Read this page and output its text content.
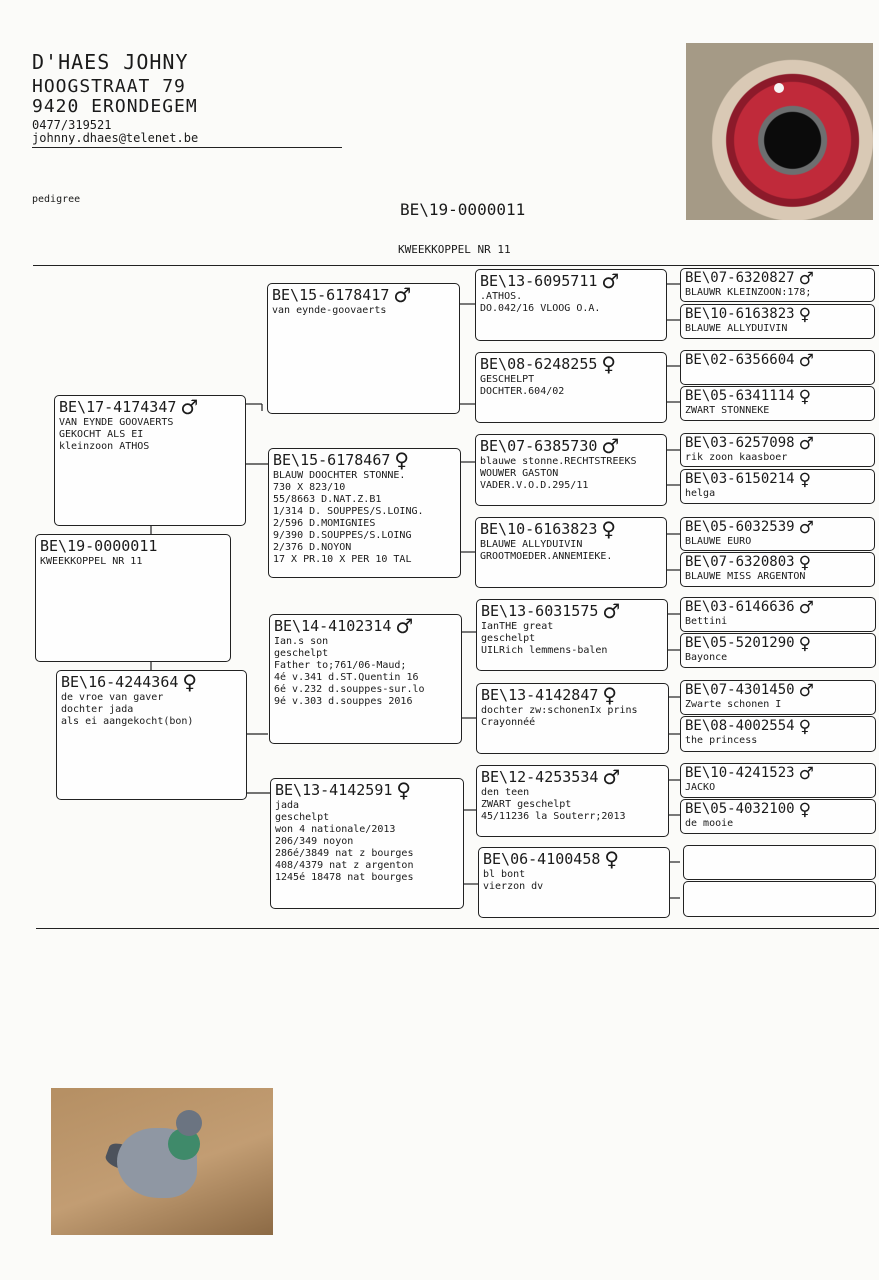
D'HAES JOHNY
HOOGSTRAAT 79
9420 ERONDEGEM
0477/319521
johnny.dhaes@telenet.be
pedigree
BE\19-0000011
KWEEKKOPPEL NR 11
BE\19-0000011
KWEEKKOPPEL NR 11
BE\17-4174347 ♂
VAN EYNDE GOOVAERTS
GEKOCHT ALS EI
kleinzoon ATHOS
BE\16-4244364 ♀
de vroe van gaver
dochter jada
als ei aangekocht(bon)
BE\15-6178417 ♂
van eynde-goovaerts
BE\15-6178467 ♀
BLAUW DOOCHTER STONNE.
730 X 823/10
55/8663 D.NAT.Z.B1
1/314 D. SOUPPES/S.LOING.
2/596 D.MOMIGNIES
9/390 D.SOUPPES/S.LOING
2/376 D.NOYON
17 X PR.10 X PER 10 TAL
BE\14-4102314 ♂
Ian.s son
geschelpt
Father to;761/06-Maud;
4é v.341 d.ST.Quentin 16
6é v.232 d.souppes-sur.lo
9é v.303 d.souppes 2016
BE\13-4142591 ♀
jada
geschelpt
won 4 nationale/2013
206/349 noyon
286é/3849 nat z bourges
408/4379 nat z argenton
1245é 18478 nat bourges
BE\13-6095711 ♂
.ATHOS.
DO.042/16 VLOOG O.A.
BE\08-6248255 ♀
GESCHELPT
DOCHTER.604/02
BE\07-6385730 ♂
blauwe stonne.RECHTSTREEKS
WOUWER GASTON
VADER.V.O.D.295/11
BE\10-6163823 ♀
BLAUWE ALLYDUIVIN
GROOTMOEDER.ANNEMIEKE.
BE\13-6031575 ♂
IanTHE great
geschelpt
UILRich lemmens-balen
BE\13-4142847 ♀
dochter zw:schonenIx prins
Crayonnéé
BE\12-4253534 ♂
den teen
ZWART geschelpt
45/11236 la Souterr;2013
BE\06-4100458 ♀
bl bont
vierzon dv
BE\07-6320827 ♂
BLAUWR KLEINZOON:178;
BE\10-6163823 ♀
BLAUWE ALLYDUIVIN
BE\02-6356604 ♂
BE\05-6341114 ♀
ZWART STONNEKE
BE\03-6257098 ♂
rik zoon kaasboer
BE\03-6150214 ♀
helga
BE\05-6032539 ♂
BLAUWE EURO
BE\07-6320803 ♀
BLAUWE MISS ARGENTON
BE\03-6146636 ♂
Bettini
BE\05-5201290 ♀
Bayonce
BE\07-4301450 ♂
Zwarte schonen I
BE\08-4002554 ♀
the princess
BE\10-4241523 ♂
JACKO
BE\05-4032100 ♀
de mooie
